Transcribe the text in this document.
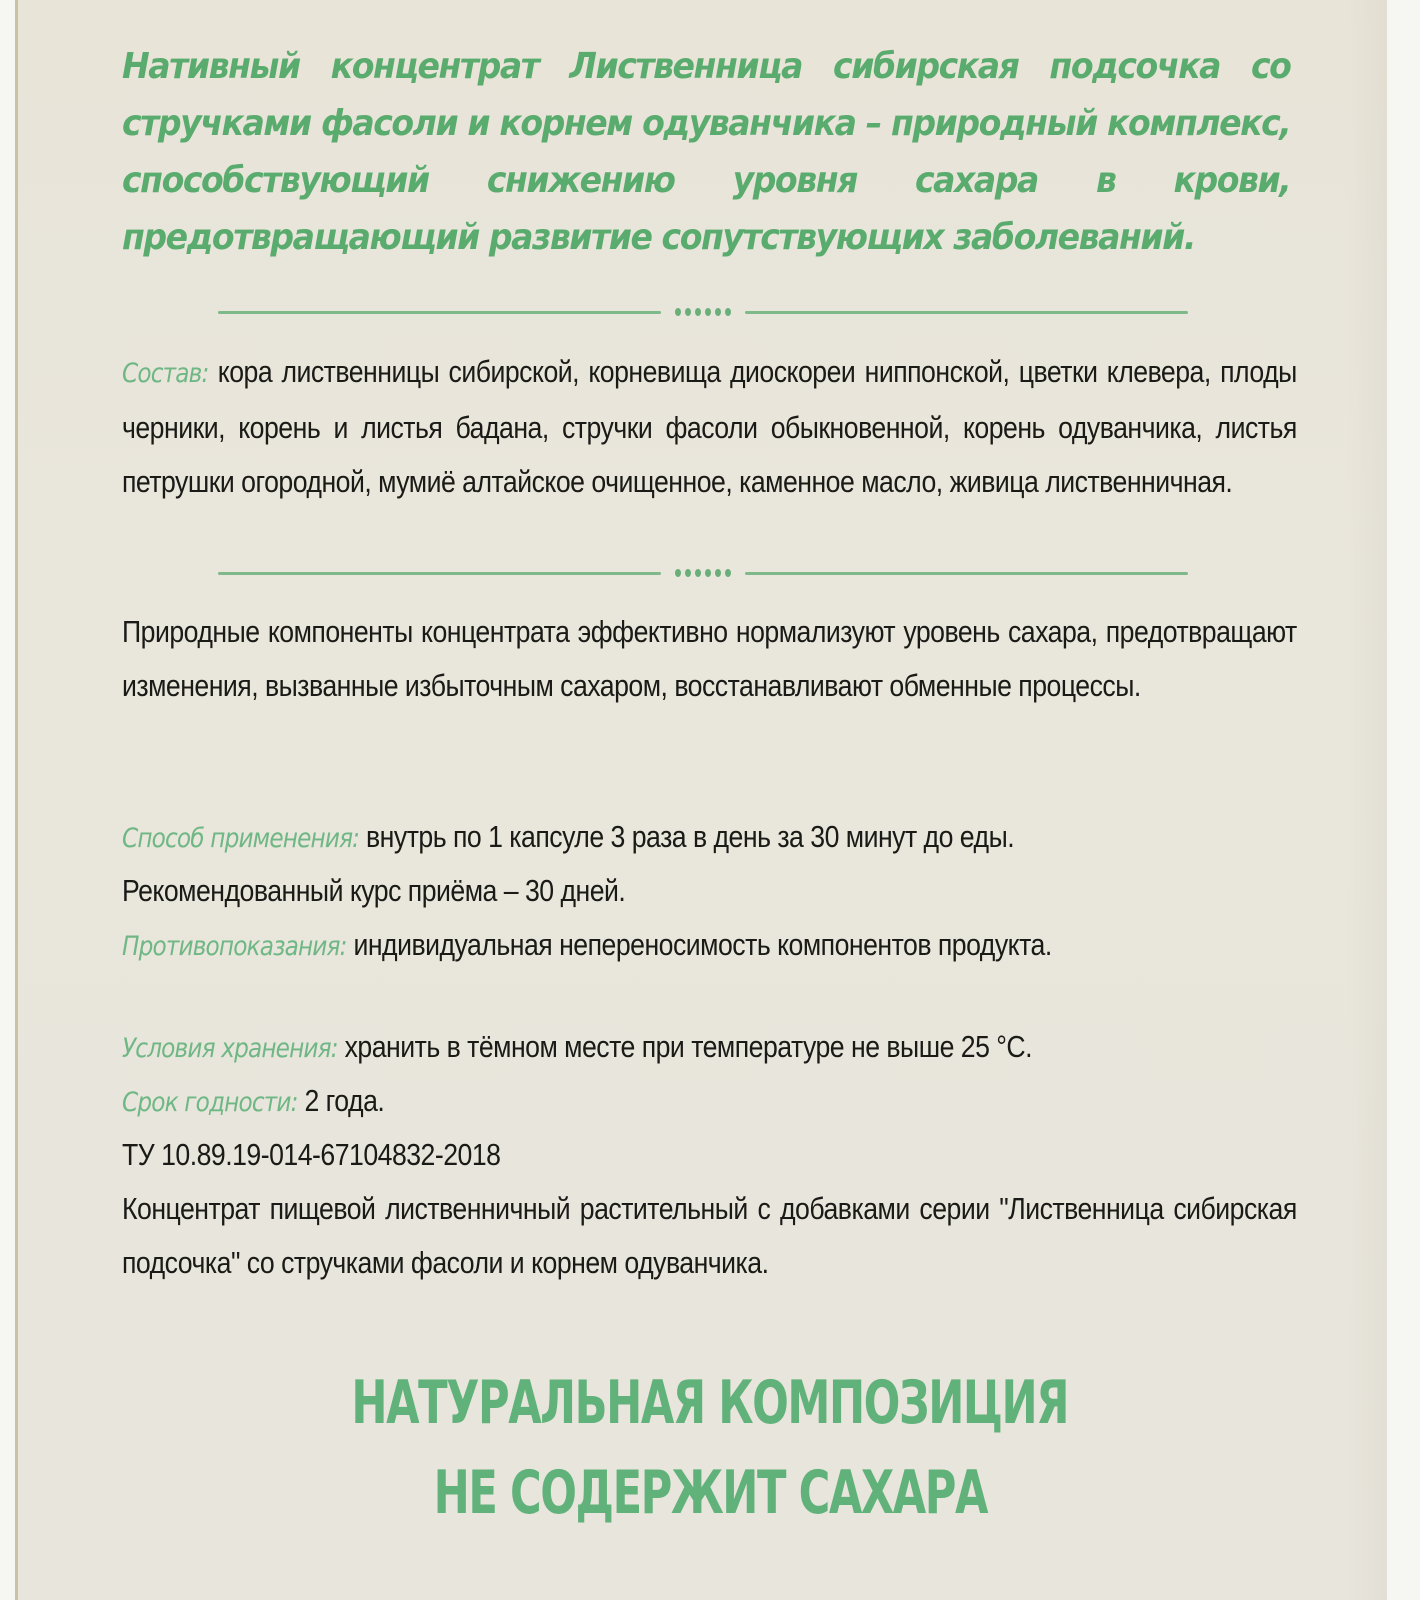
Нативный концентрат Лиственница сибирская подсочка со стручками фасоли и корнем одуванчика – природный комплекс, способствующий снижению уровня сахара в крови, предотвращающий развитие сопутствующих заболеваний.

Состав: кора лиственницы сибирской, корневища диоскореи ниппонской, цветки клевера, плоды черники, корень и листья бадана, стручки фасоли обыкновенной, корень одуванчика, листья петрушки огородной, мумиё алтайское очищенное, каменное масло, живица лиственничная.

Природные компоненты концентрата эффективно нормализуют уровень сахара, предотвращают изменения, вызванные избыточным сахаром, восстанавливают обменные процессы.

Способ применения: внутрь по 1 капсуле 3 раза в день за 30 минут до еды.

Рекомендованный курс приёма – 30 дней.

Противопоказания: индивидуальная непереносимость компонентов продукта.

Условия хранения: хранить в тёмном месте при температуре не выше 25 °С.

Срок годности: 2 года.

ТУ 10.89.19-014-67104832-2018

Концентрат пищевой лиственничный растительный с добавками серии "Лиственница сибирская подсочка" со стручками фасоли и корнем одуванчика.

НАТУРАЛЬНАЯ КОМПОЗИЦИЯ

НЕ СОДЕРЖИТ САХАРА
